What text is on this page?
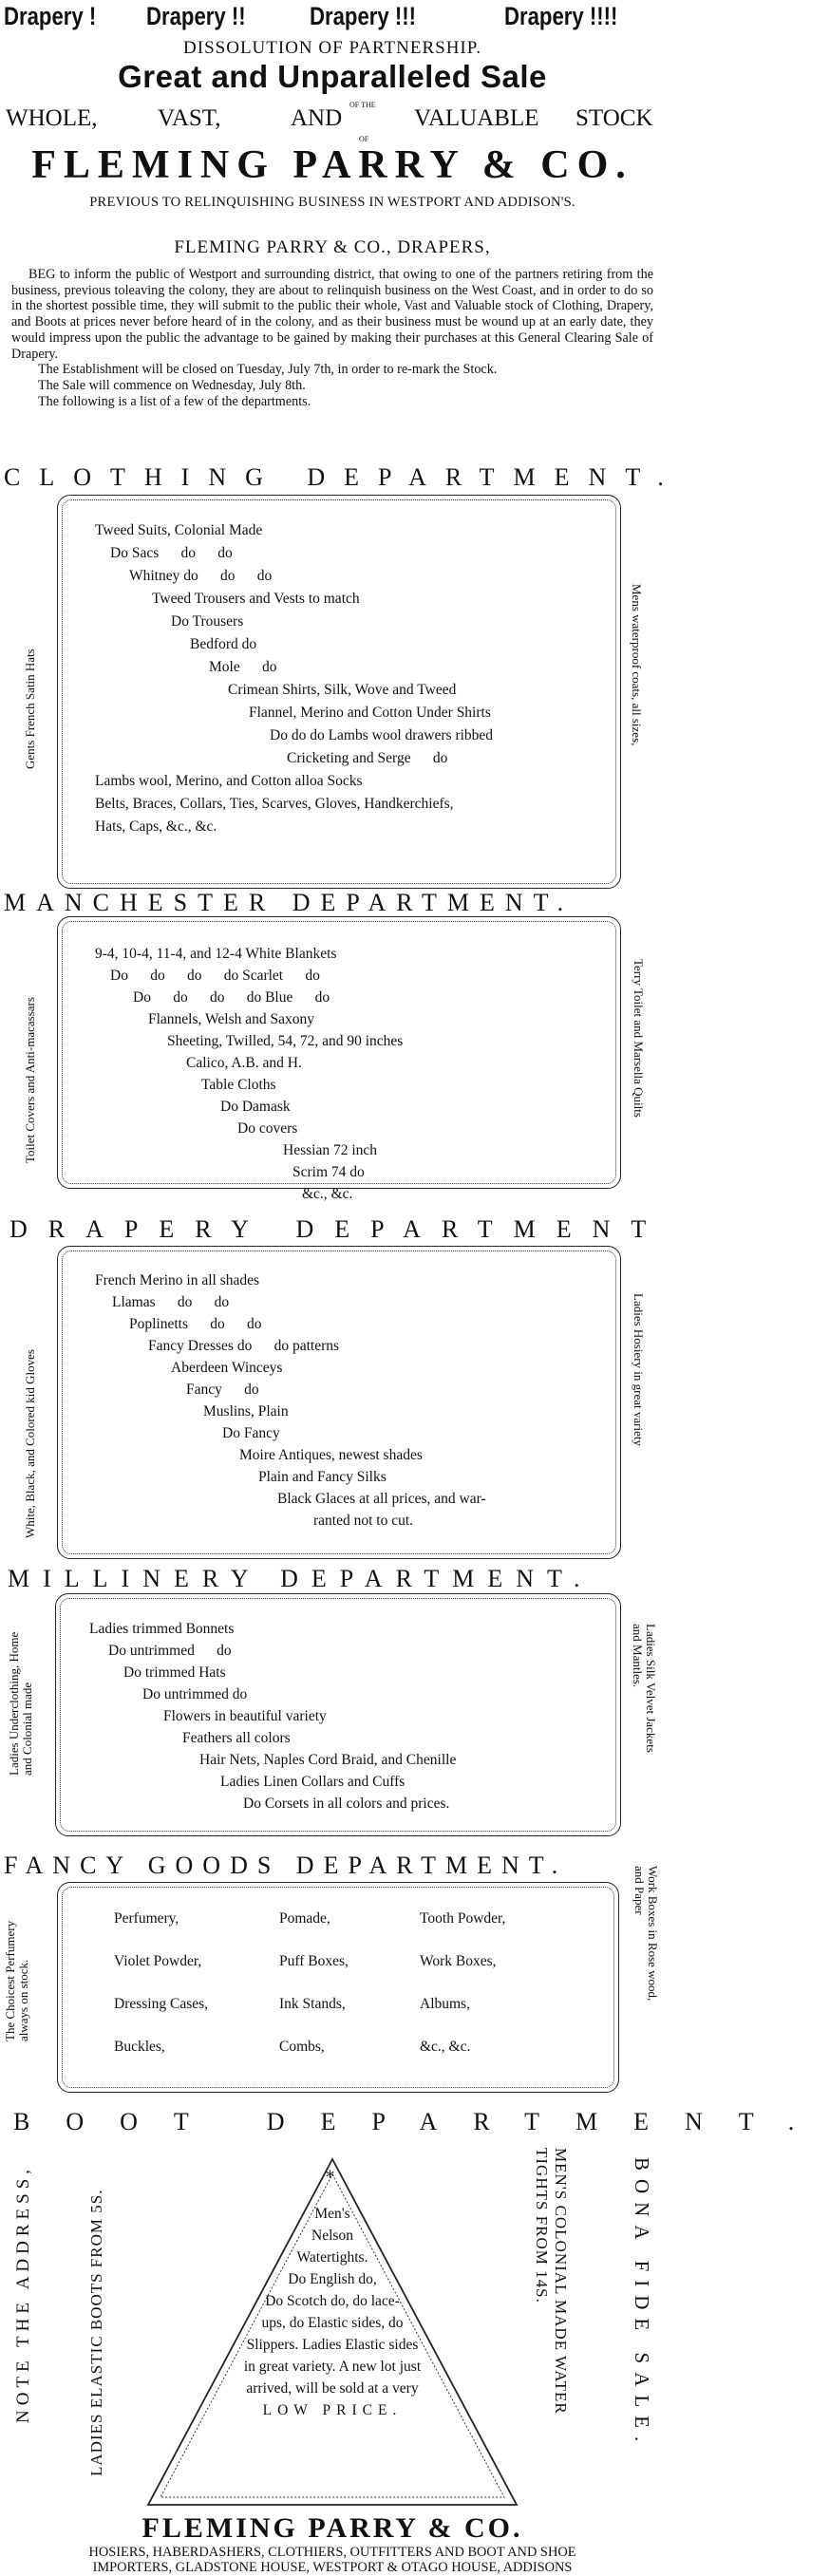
Drapery ! Drapery !! Drapery !!!	Drapery !!!!
DISSOLUTION OF PARTNERSHIP.
Great and Unparalleled Sale
OF THE
WHOLE,	VAST,	AND	VALUABLE STOCK
OF
FLEMING PARRY & CO.
PREVIOUS TO RELINQUISHING BUSINESS IN WESTPORT AND ADDISON'S.
FLEMING PARRY & CO., DRAPERS,

BEG to inform the public of Westport and surrounding district, that owing to one of the partners retiring from the business, previous toleaving the colony, they are about to relinquish business on the West Coast, and in order to do so in the shortest possible time, they will submit to the public their whole, Vast and Valuable stock of Clothing, Drapery, and Boots at prices never before heard of in the colony, and as their business must be wound up at an early date, they would impress upon the public the advantage to be gained by making their purchases at this General Clearing Sale of Drapery.

The Establishment will be closed on Tuesday, July 7th, in order to re-mark the Stock.

The Sale will commence on Wednesday, July 8th.

The following is a list of a few of the departments.

CLOTHING DEPARTMENT.
Gents French Satin Hats	Mens waterproof coats, all sizes,
Tweed Suits, Colonial Made
Do Sacs      do      do
Whitney do      do      do
Tweed Trousers and Vests to match
Do Trousers
Bedford do
Mole      do
Crimean Shirts, Silk, Wove and Tweed
Flannel, Merino and Cotton Under Shirts
Do do do Lambs wool drawers ribbed
Cricketing and Serge      do
Lambs wool, Merino, and Cotton alloa Socks
Belts, Braces, Collars, Ties, Scarves, Gloves, Handkerchiefs,
Hats, Caps, &c., &c.
MANCHESTER DEPARTMENT.
Toilet Covers and Anti-macassars	Terry Toilet and Marsella Quilts
9-4, 10-4, 11-4, and 12-4 White Blankets
Do      do      do      do Scarlet      do
Do      do      do      do Blue      do
Flannels, Welsh and Saxony
Sheeting, Twilled, 54, 72, and 90 inches
Calico, A.B. and H.
Table Cloths
Do Damask
Do covers
Hessian 72 inch
Scrim 74 do
&c., &c.
DRAPERY DEPARTMENT
White, Black, and Colored kid Gloves	Ladies Hosiery in great variety
French Merino in all shades
Llamas      do      do
Poplinetts      do      do
Fancy Dresses do      do patterns
Aberdeen Winceys
Fancy      do
Muslins, Plain
Do Fancy
Moire Antiques, newest shades
Plain and Fancy Silks
Black Glaces at all prices, and war-
ranted not to cut.
MILLINERY DEPARTMENT.
Ladies Underclothing, Home and Colonial made	Ladies Silk Velvet Jackets
and Mantles.
Ladies trimmed Bonnets
Do untrimmed      do
Do trimmed Hats
Do untrimmed do
Flowers in beautiful variety
Feathers all colors
Hair Nets, Naples Cord Braid, and Chenille
Ladies Linen Collars and Cuffs
Do Corsets in all colors and prices.
FANCY GOODS DEPARTMENT.
The Choicest Perfumery always on stock.	Work Boxes in Rose wood,
and Paper
Perfumery,	Pomade,	Tooth Powder,
Violet Powder,	Puff Boxes,	Work Boxes,
Dressing Cases,	Ink Stands,	Albums,
Buckles,	Combs,	&c., &c.
BOOT DEPARTMENT.
NOTE THE ADDRESS,	LADIES ELASTIC BOOTS FROM 5S.	MEN'S COLONIAL MADE WATER
TIGHTS FROM 14S.	BONA FIDE SALE.
*
Men's
Nelson
Watertights.
Do English do,
Do Scotch do, do lace-
ups, do Elastic sides, do
Slippers. Ladies Elastic sides
in great variety. A new lot just
arrived, will be sold at a very
LOW PRICE.
FLEMING PARRY & CO.
HOSIERS, HABERDASHERS, CLOTHIERS, OUTFITTERS AND BOOT AND SHOE
IMPORTERS, GLADSTONE HOUSE, WESTPORT & OTAGO HOUSE, ADDISONS
